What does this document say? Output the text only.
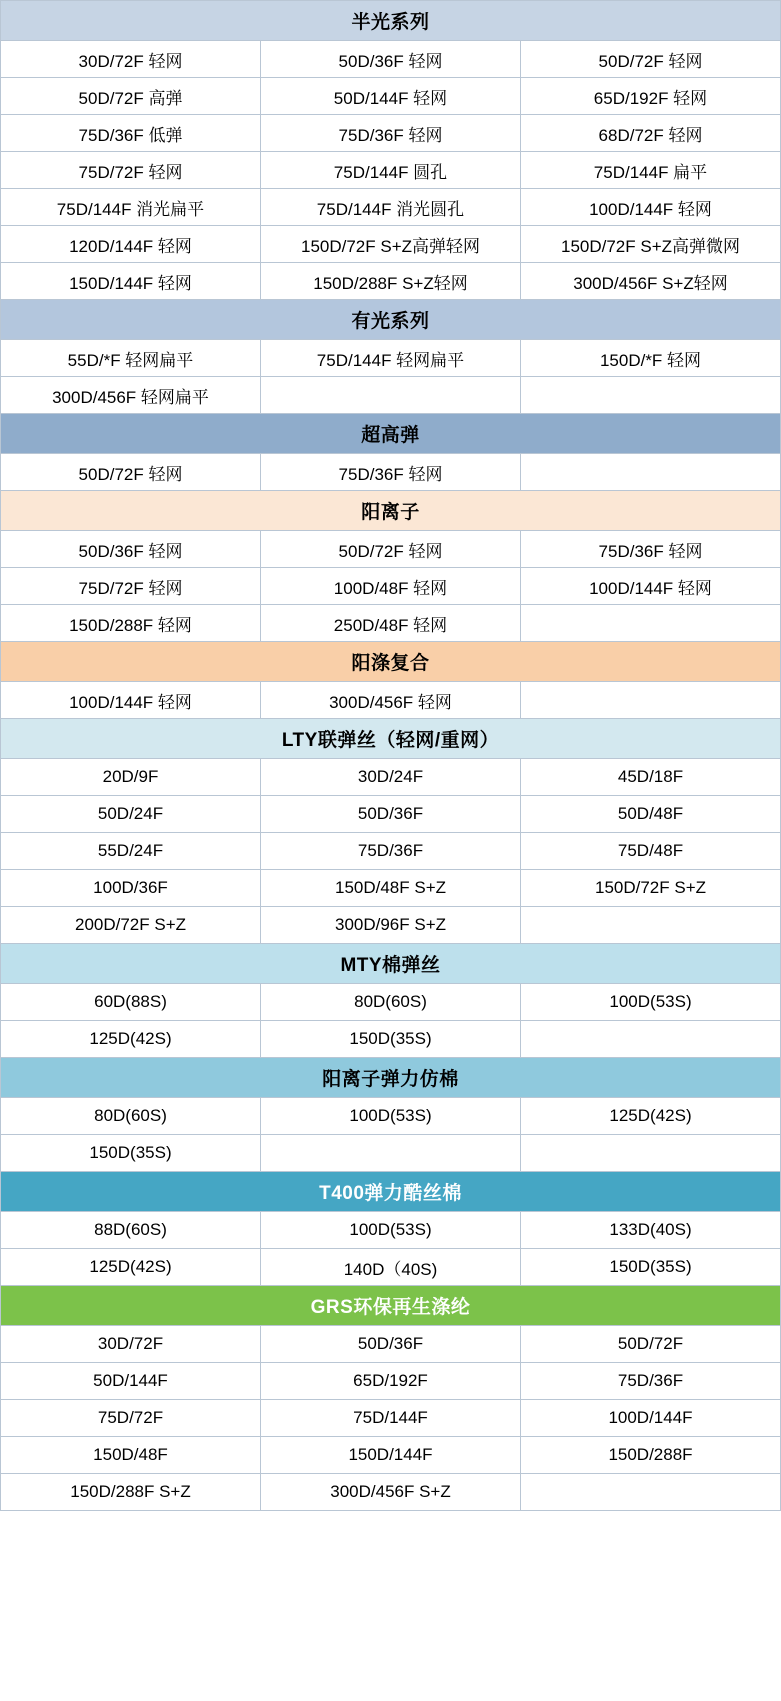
半光系列		
30D/72F 轻网	50D/36F 轻网	50D/72F 轻网
50D/72F 高弹	50D/144F 轻网	65D/192F 轻网
75D/36F 低弹	75D/36F 轻网	68D/72F 轻网
75D/72F 轻网	75D/144F 圆孔	75D/144F 扁平
75D/144F 消光扁平	75D/144F 消光圆孔	100D/144F 轻网
120D/144F 轻网	150D/72F S+Z高弹轻网	150D/72F S+Z高弹微网
150D/144F 轻网	150D/288F S+Z轻网	300D/456F S+Z轻网
有光系列		
55D/*F 轻网扁平	75D/144F 轻网扁平	150D/*F 轻网
300D/456F 轻网扁平		
超高弹		
50D/72F 轻网	75D/36F 轻网	
阳离子		
50D/36F 轻网	50D/72F 轻网	75D/36F 轻网
75D/72F 轻网	100D/48F 轻网	100D/144F 轻网
150D/288F 轻网	250D/48F 轻网	
阳涤复合		
100D/144F 轻网	300D/456F 轻网	
LTY联弹丝（轻网/重网）		
20D/9F	30D/24F	45D/18F
50D/24F	50D/36F	50D/48F
55D/24F	75D/36F	75D/48F
100D/36F	150D/48F S+Z	150D/72F S+Z
200D/72F S+Z	300D/96F S+Z	
MTY棉弹丝		
60D(88S)	80D(60S)	100D(53S)
125D(42S)	150D(35S)	
阳离子弹力仿棉		
80D(60S)	100D(53S)	125D(42S)
150D(35S)		
T400弹力酷丝棉		
88D(60S)	100D(53S)	133D(40S)
125D(42S)	140D（40S)	150D(35S)
GRS环保再生涤纶		
30D/72F	50D/36F	50D/72F
50D/144F	65D/192F	75D/36F
75D/72F	75D/144F	100D/144F
150D/48F	150D/144F	150D/288F
150D/288F S+Z	300D/456F S+Z	
